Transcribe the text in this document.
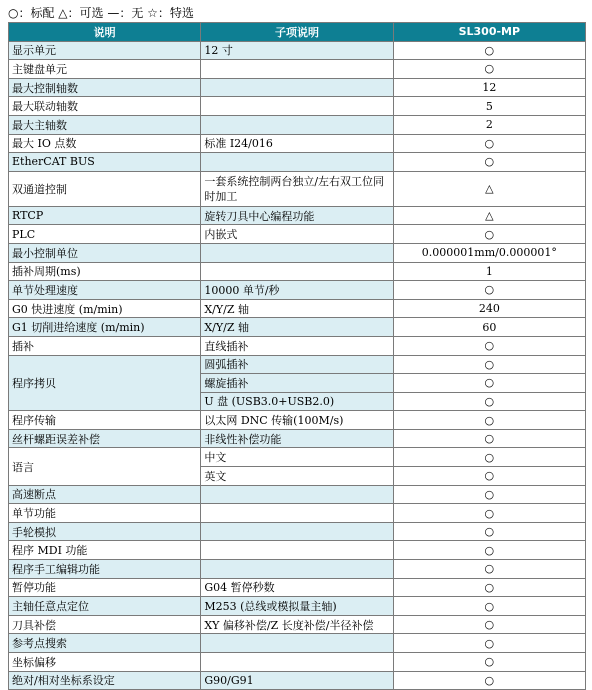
○：标配 △：可选 —：无 ☆：特选
说明	子项说明	SL300-MP
显示单元	12 寸	○
主键盘单元		○
最大控制轴数		12
最大联动轴数		5
最大主轴数		2
最大 IO 点数	标准 I24/016	○
EtherCAT BUS		○
双通道控制	一套系统控制两台独立/左右双工位同时加工	△
RTCP	旋转刀具中心编程功能	△
PLC	内嵌式	○
最小控制单位		0.000001mm/0.000001°
插补周期(ms)		1
单节处理速度	10000 单节/秒	○
G0 快进速度 (m/min)	X/Y/Z 轴	240
G1 切削进给速度 (m/min)	X/Y/Z 轴	60
插补	直线插补	○
程序拷贝	圆弧插补	○
	螺旋插补	○
	U 盘 (USB3.0+USB2.0)	○
程序传输	以太网 DNC 传输(100M/s)	○
丝杆螺距误差补偿	非线性补偿功能	○
语言	中文	○
	英文	○
高速断点		○
单节功能		○
手轮模拟		○
程序 MDI 功能		○
程序手工编辑功能		○
暂停功能	G04 暂停秒数	○
主轴任意点定位	M253 (总线或模拟量主轴)	○
刀具补偿	XY 偏移补偿/Z 长度补偿/半径补偿	○
参考点搜索		○
坐标偏移		○
绝对/相对坐标系设定	G90/G91	○
